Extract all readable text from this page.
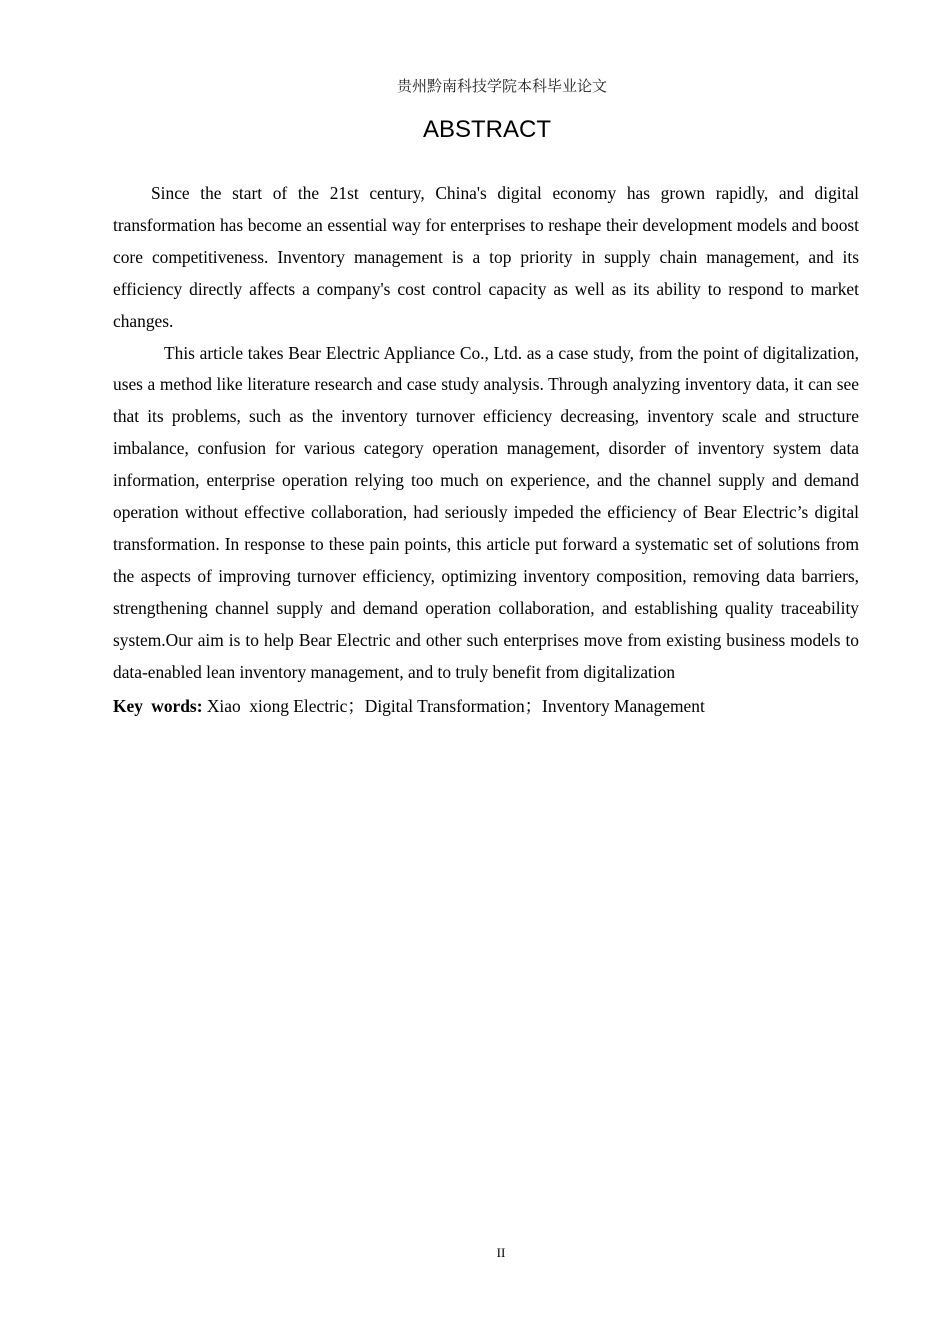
贵州黔南科技学院本科毕业论文
ABSTRACT

Since the start of the 21st century, China's digital economy has grown rapidly, and digital transformation has become an essential way for enterprises to reshape their development models and boost core competitiveness. Inventory management is a top priority in supply chain management, and its efficiency directly affects a company's cost control capacity as well as its ability to respond to market changes.

This article takes Bear Electric Appliance Co., Ltd. as a case study, from the point of digitalization, uses a method like literature research and case study analysis. Through analyzing inventory data, it can see that its problems, such as the inventory turnover efficiency decreasing, inventory scale and structure imbalance, confusion for various category operation management, disorder of inventory system data information, enterprise operation relying too much on experience, and the channel supply and demand operation without effective collaboration, had seriously impeded the efficiency of Bear Electric’s digital transformation. In response to these pain points, this article put forward a systematic set of solutions from the aspects of improving turnover efficiency, optimizing inventory composition, removing data barriers, strengthening channel supply and demand operation collaboration, and establishing quality traceability system.Our aim is to help Bear Electric and other such enterprises move from existing business models to data-enabled lean inventory management, and to truly benefit from digitalization

Key words: Xiao  xiong Electric；Digital Transformation；Inventory Management

II
